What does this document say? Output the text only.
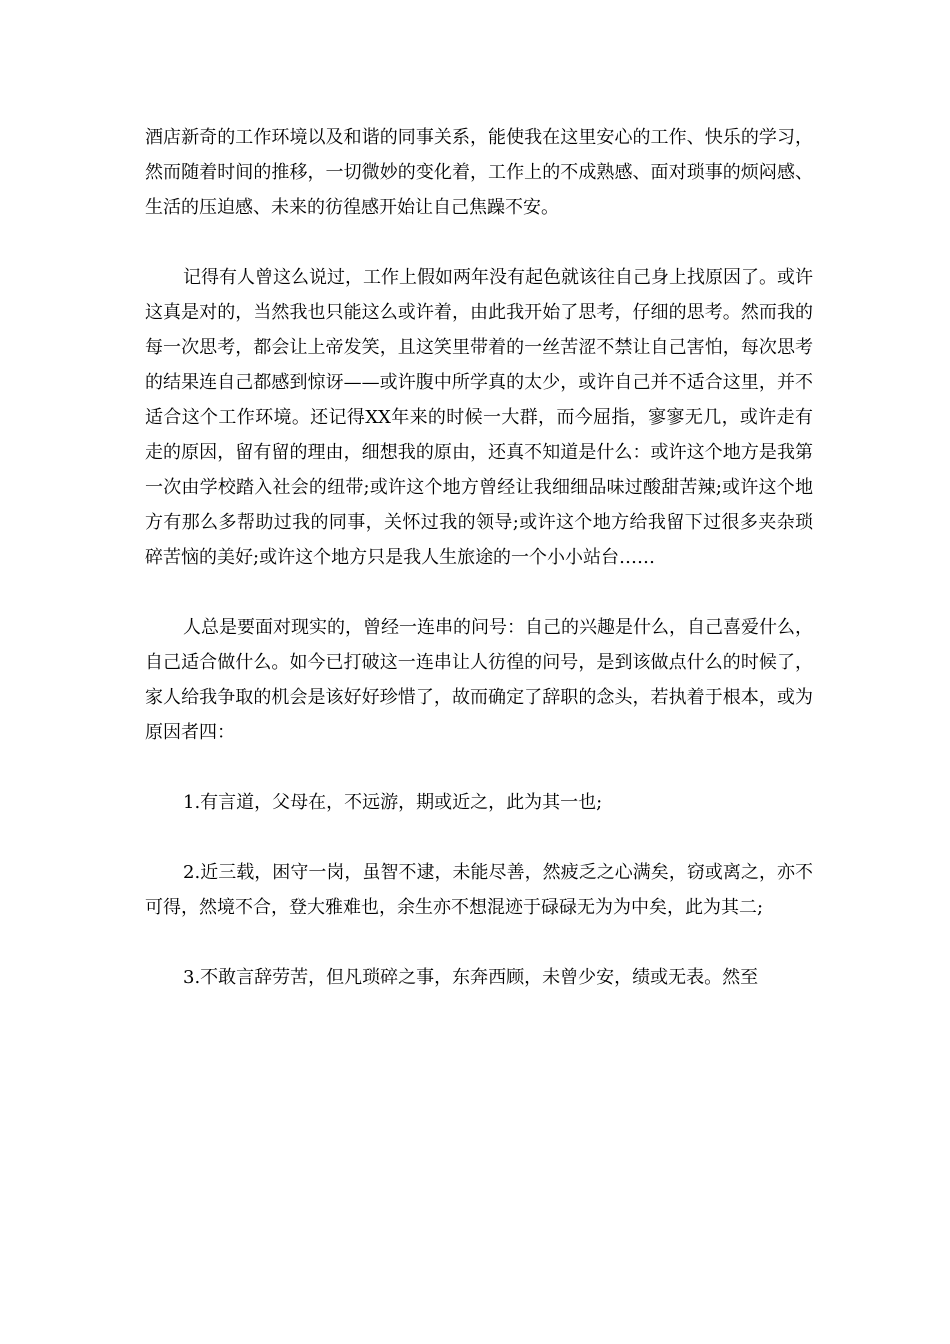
酒店新奇的工作环境以及和谐的同事关系，能使我在这里安心的工作、快乐的学习，然而随着时间的推移，一切微妙的变化着，工作上的不成熟感、面对琐事的烦闷感、生活的压迫感、未来的彷徨感开始让自己焦躁不安。

记得有人曾这么说过，工作上假如两年没有起色就该往自己身上找原因了。或许这真是对的，当然我也只能这么或许着，由此我开始了思考，仔细的思考。然而我的每一次思考，都会让上帝发笑，且这笑里带着的一丝苦涩不禁让自己害怕，每次思考的结果连自己都感到惊讶——或许腹中所学真的太少，或许自己并不适合这里，并不适合这个工作环境。还记得XX年来的时候一大群，而今屈指，寥寥无几，或许走有走的原因，留有留的理由，细想我的原由，还真不知道是什么：或许这个地方是我第一次由学校踏入社会的纽带;或许这个地方曾经让我细细品味过酸甜苦辣;或许这个地方有那么多帮助过我的同事，关怀过我的领导;或许这个地方给我留下过很多夹杂琐碎苦恼的美好;或许这个地方只是我人生旅途的一个小小站台……

人总是要面对现实的，曾经一连串的问号：自己的兴趣是什么，自己喜爱什么，自己适合做什么。如今已打破这一连串让人彷徨的问号，是到该做点什么的时候了，家人给我争取的机会是该好好珍惜了，故而确定了辞职的念头，若执着于根本，或为原因者四：

1.有言道，父母在，不远游，期或近之，此为其一也;

2.近三载，困守一岗，虽智不逮，未能尽善，然疲乏之心满矣，窃或离之，亦不可得，然境不合，登大雅难也，余生亦不想混迹于碌碌无为为中矣，此为其二;

3.不敢言辞劳苦，但凡琐碎之事，东奔西顾，未曾少安，绩或无表。然至
